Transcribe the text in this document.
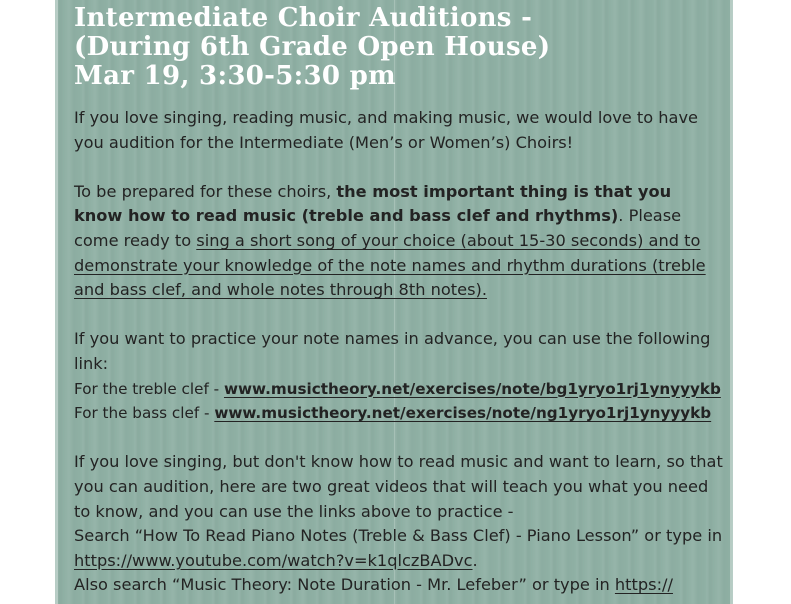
Intermediate Choir Auditions -
(During 6th Grade Open House)
Mar 19, 3:30-5:30 pm

If you love singing, reading music, and making music, we would love to have you audition for the Intermediate (Men’s or Women’s) Choirs!

To be prepared for these choirs, the most important thing is that you know how to read music (treble and bass clef and rhythms). Please come ready to sing a short song of your choice (about 15-30 seconds) and to demonstrate your knowledge of the note names and rhythm durations (treble and bass clef, and whole notes through 8th notes).

If you want to practice your note names in advance, you can use the following link:
For the treble clef - www.musictheory.net/exercises/note/bg1yryo1rj1ynyyykb
For the bass clef - www.musictheory.net/exercises/note/ng1yryo1rj1ynyyykb

If you love singing, but don't know how to read music and want to learn, so that you can audition, here are two great videos that will teach you what you need to know, and you can use the links above to practice -
Search “How To Read Piano Notes (Treble & Bass Clef) - Piano Lesson” or type in https://www.youtube.com/watch?v=k1qlczBADvc.
Also search “Music Theory: Note Duration - Mr. Lefeber” or type in https://
